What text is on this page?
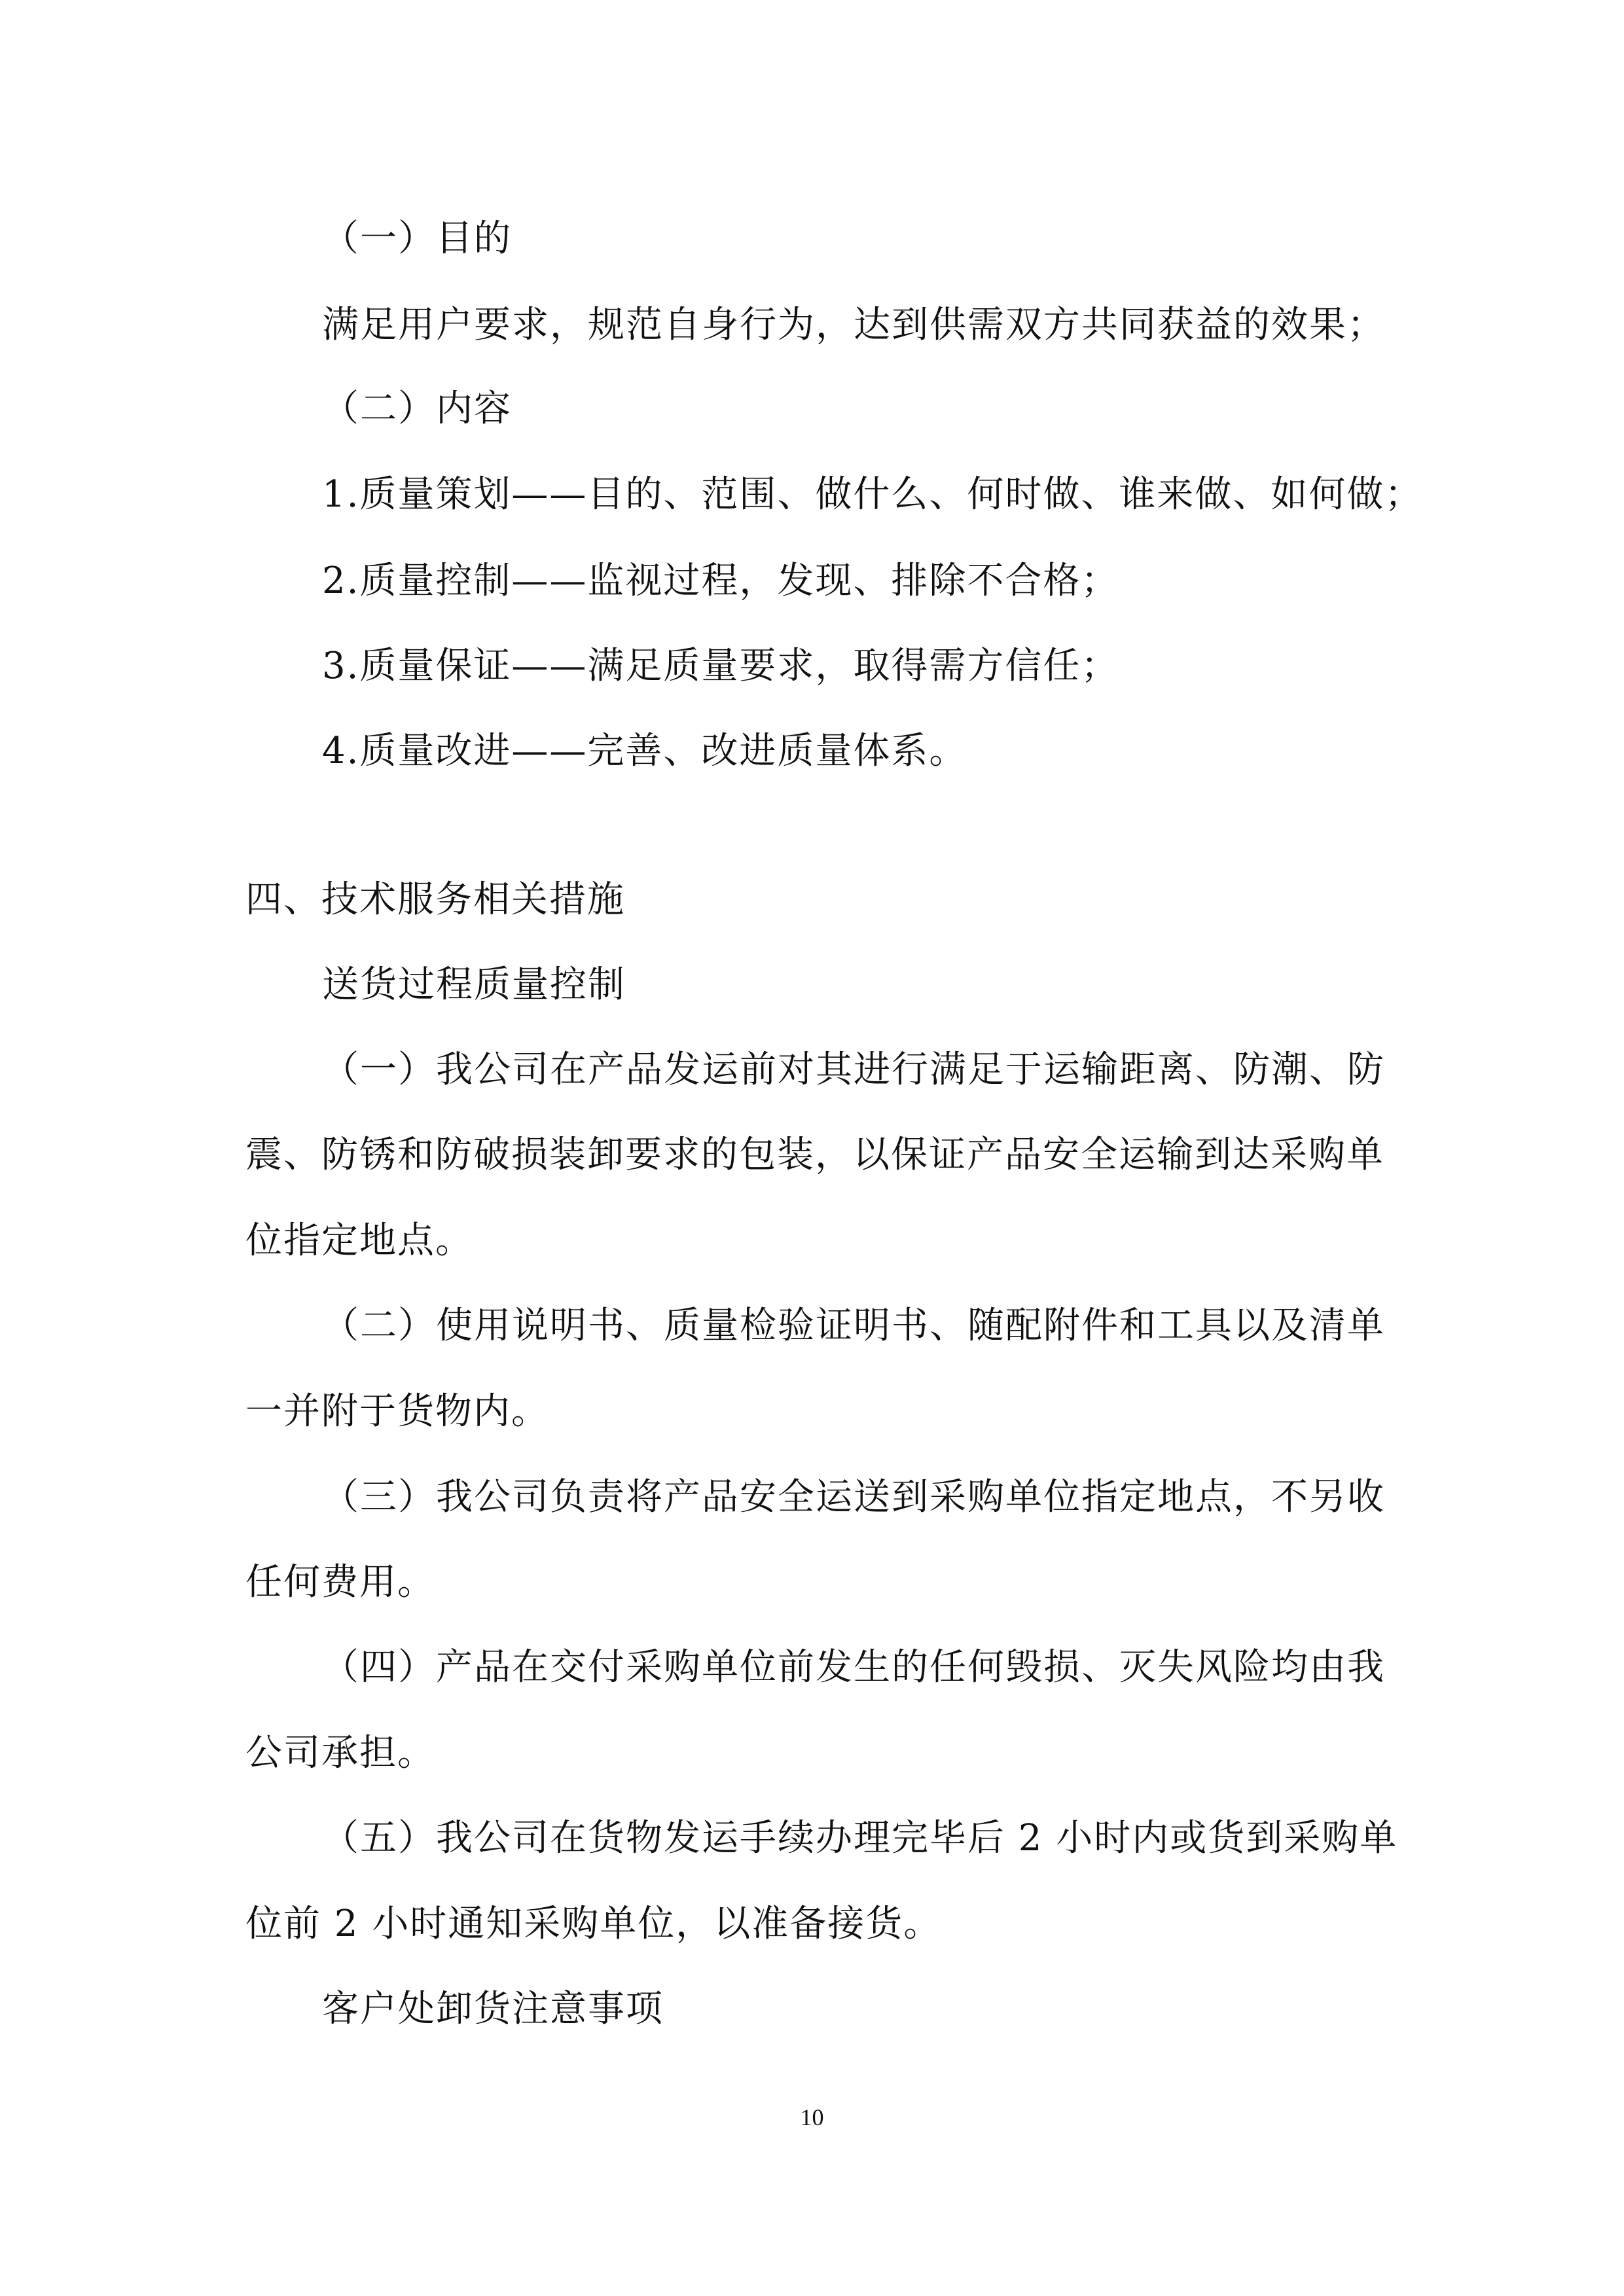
（一）目的
满足用户要求，规范自身行为，达到供需双方共同获益的效果；
（二）内容
1.质量策划——目的、范围、做什么、何时做、谁来做、如何做；
2.质量控制——监视过程，发现、排除不合格；
3.质量保证——满足质量要求，取得需方信任；
4.质量改进——完善、改进质量体系。
四、技术服务相关措施
送货过程质量控制
（一）我公司在产品发运前对其进行满足于运输距离、防潮、防
震、防锈和防破损装卸要求的包装，以保证产品安全运输到达采购单
位指定地点。
（二）使用说明书、质量检验证明书、随配附件和工具以及清单
一并附于货物内。
（三）我公司负责将产品安全运送到采购单位指定地点，不另收
任何费用。
（四）产品在交付采购单位前发生的任何毁损、灭失风险均由我
公司承担。
（五）我公司在货物发运手续办理完毕后 2 小时内或货到采购单
位前 2 小时通知采购单位，以准备接货。
客户处卸货注意事项
10
